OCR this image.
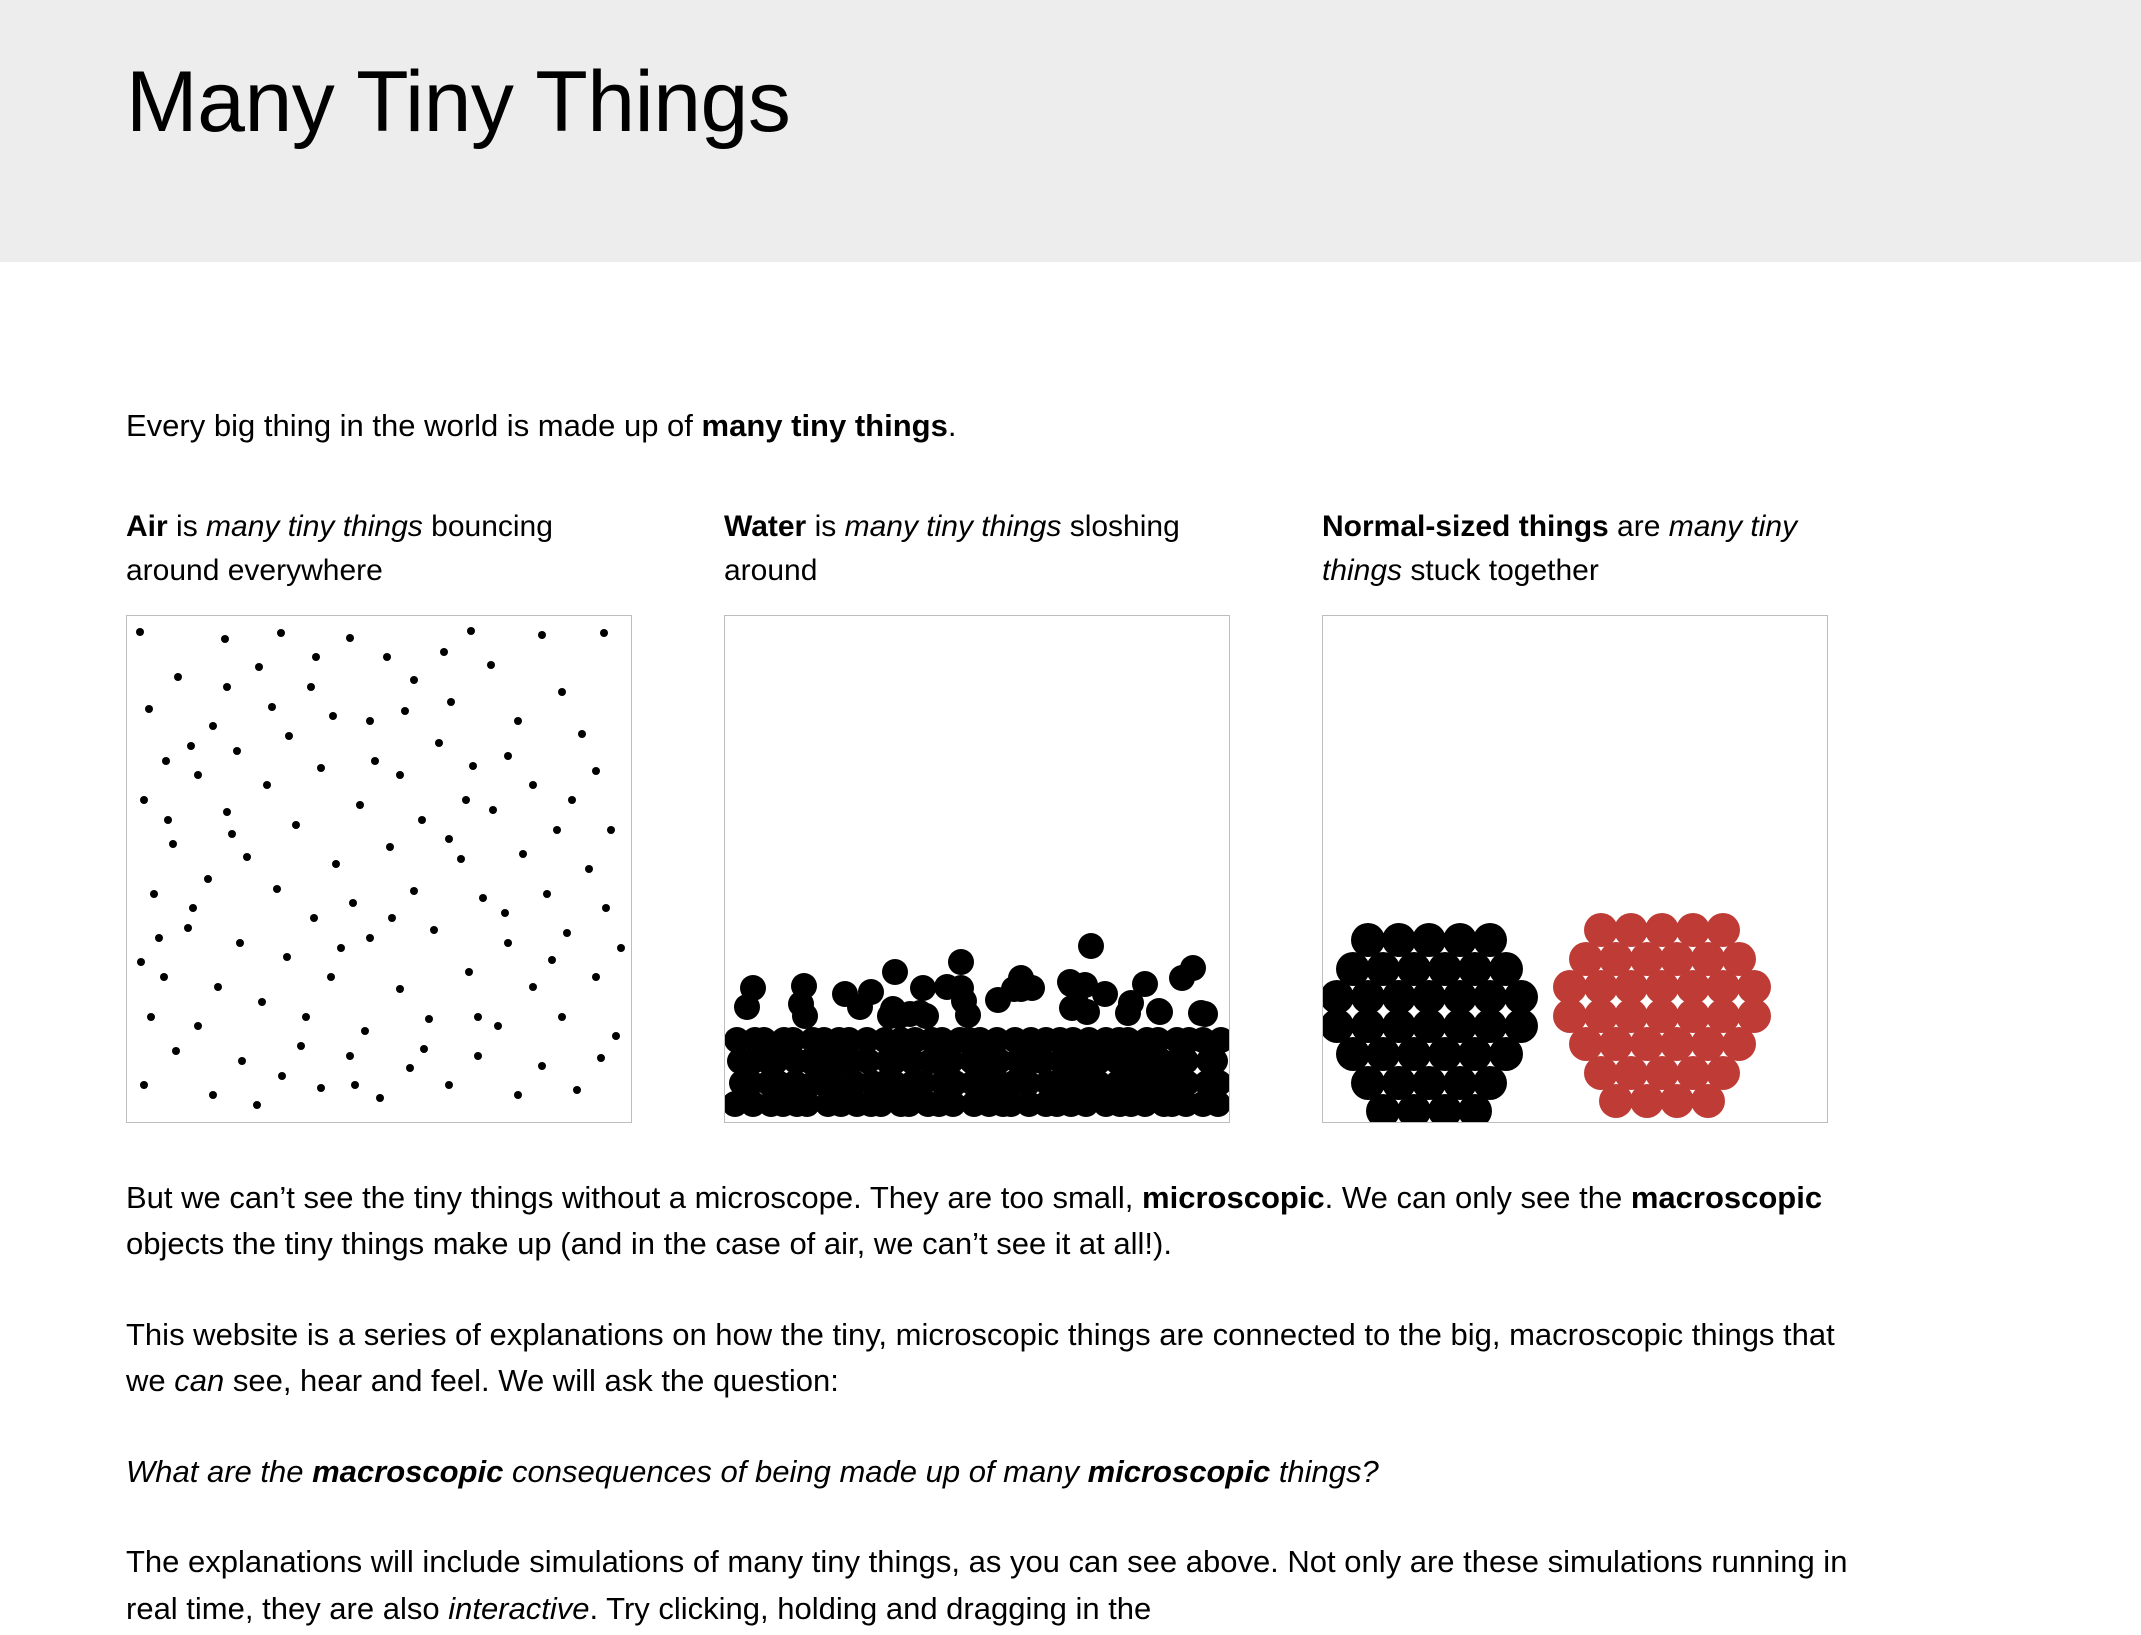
Many Tiny Things

Every big thing in the world is made up of many tiny things.

Air is many tiny things bouncing around everywhere

Water is many tiny things sloshing around

Normal-sized things are many tiny things stuck together

But we can’t see the tiny things without a microscope. They are too small, microscopic. We can only see the macroscopic objects the tiny things make up (and in the case of air, we can’t see it at all!).

This website is a series of explanations on how the tiny, microscopic things are connected to the big, macroscopic things that we can see, hear and feel. We will ask the question:

What are the macroscopic consequences of being made up of many microscopic things?

The explanations will include simulations of many tiny things, as you can see above. Not only are these simulations running in real time, they are also interactive. Try clicking, holding and dragging in the
